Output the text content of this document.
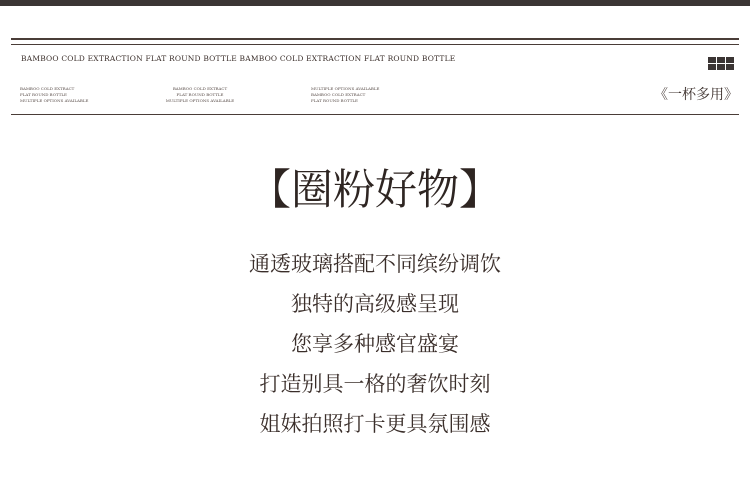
BAMBOO COLD EXTRACTION FLAT ROUND BOTTLE BAMBOO COLD EXTRACTION FLAT ROUND BOTTLE
BAMBOO COLD EXTRACT
FLAT ROUND BOTTLE
MULTIPLE OPTIONS AVAILABLE
BAMBOO COLD EXTRACT
FLAT ROUND BOTTLE
MULTIPLE OPTIONS AVAILABLE
MULTIPLE OPTIONS AVAILABLE
BAMBOO COLD EXTRACT
FLAT ROUND BOTTLE	《一杯多用》
【圈粉好物】
通透玻璃搭配不同缤纷调饮
独特的高级感呈现
您享多种感官盛宴
打造别具一格的奢饮时刻
姐妹拍照打卡更具氛围感
